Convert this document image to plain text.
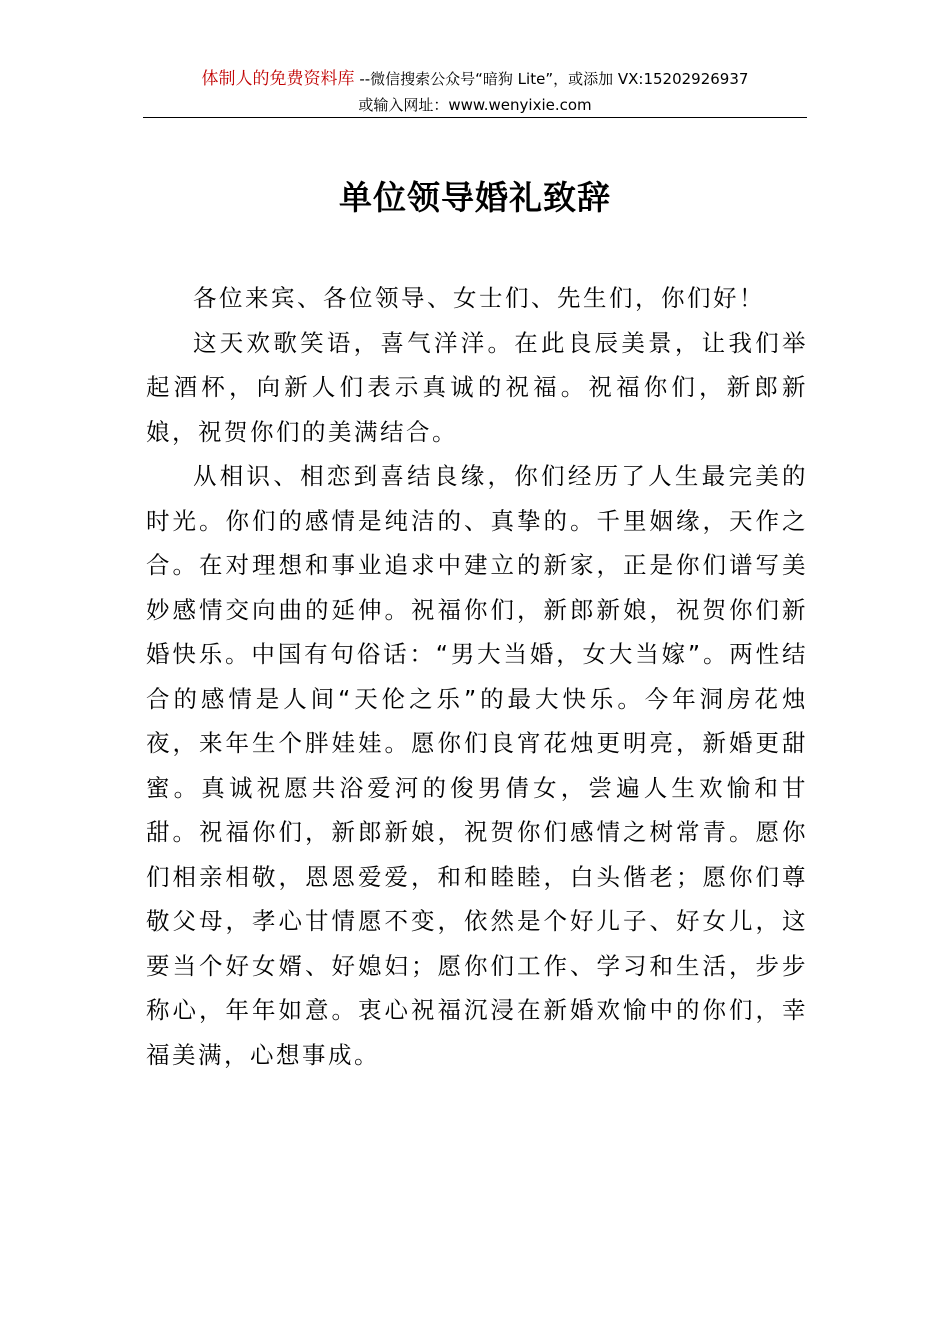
体制人的免费资料库 --微信搜索公众号“暗狗 Lite”，或添加 VX:15202926937
或输入网址：www.wenyixie.com
单位领导婚礼致辞

各位来宾、各位领导、女士们、先生们，你们好！

这天欢歌笑语，喜气洋洋。在此良辰美景，让我们举起酒杯，向新人们表示真诚的祝福。祝福你们，新郎新娘，祝贺你们的美满结合。

从相识、相恋到喜结良缘，你们经历了人生最完美的时光。你们的感情是纯洁的、真挚的。千里姻缘，天作之合。在对理想和事业追求中建立的新家，正是你们谱写美妙感情交向曲的延伸。祝福你们，新郎新娘，祝贺你们新婚快乐。中国有句俗话：“男大当婚，女大当嫁”。两性结合的感情是人间“天伦之乐”的最大快乐。今年洞房花烛夜，来年生个胖娃娃。愿你们良宵花烛更明亮，新婚更甜蜜。真诚祝愿共浴爱河的俊男倩女，尝遍人生欢愉和甘甜。祝福你们，新郎新娘，祝贺你们感情之树常青。愿你们相亲相敬，恩恩爱爱，和和睦睦，白头偕老；愿你们尊敬父母，孝心甘情愿不变，依然是个好儿子、好女儿，这要当个好女婿、好媳妇；愿你们工作、学习和生活，步步称心，年年如意。衷心祝福沉浸在新婚欢愉中的你们，幸福美满，心想事成。
